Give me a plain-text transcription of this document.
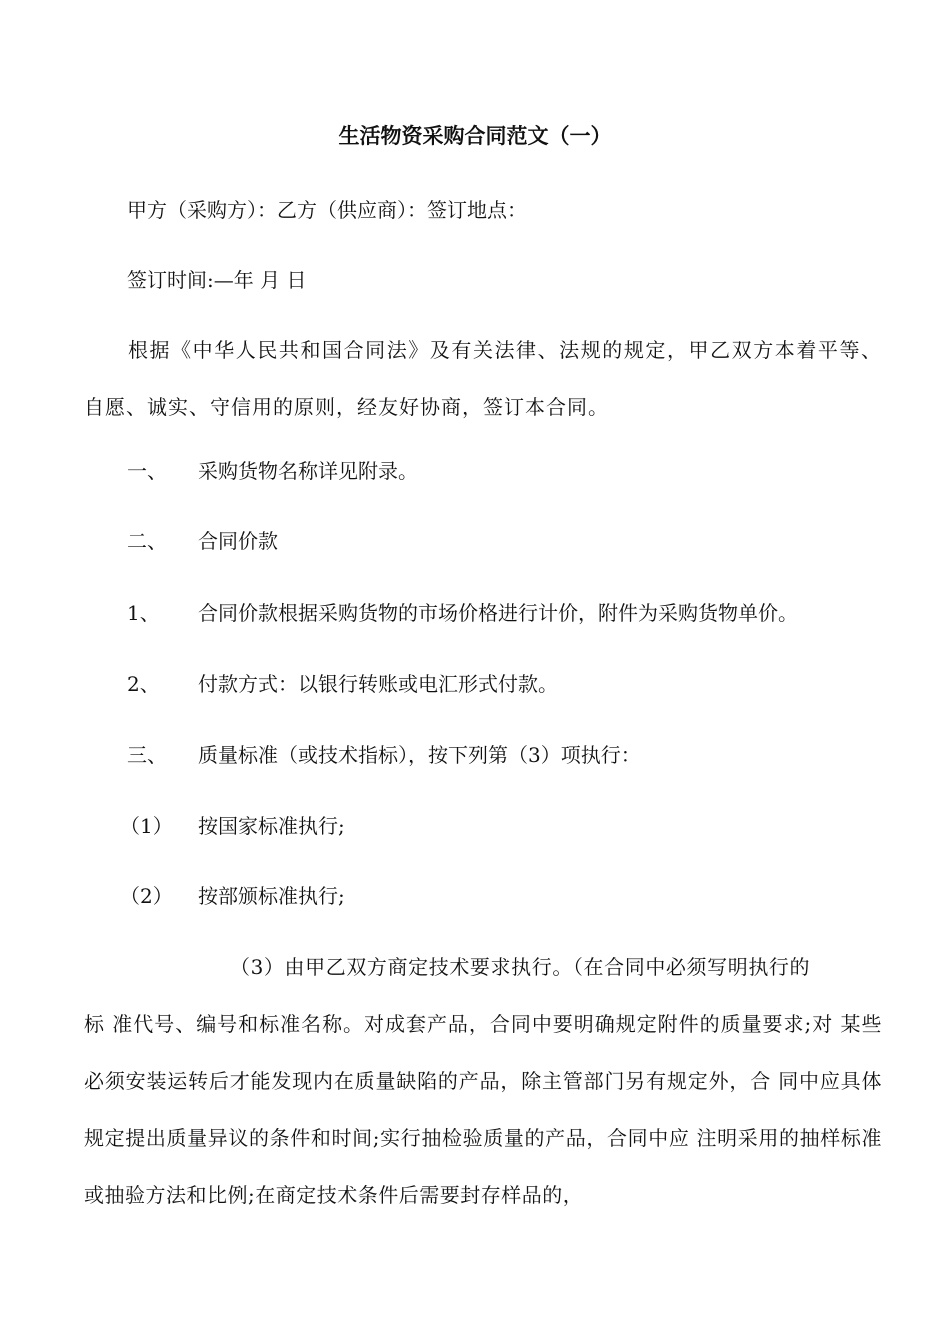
生活物资采购合同范文（一）
甲方（采购方）：乙方（供应商）：签订地点：
签订时间:—年 月 日
根据《中华人民共和国合同法》及有关法律、法规的规定，甲乙双方本着平等、自愿、诚实、守信用的原则，经友好协商，签订本合同。
一、 采购货物名称详见附录。
二、 合同价款
1、 合同价款根据采购货物的市场价格进行计价，附件为采购货物单价。
2、 付款方式：以银行转账或电汇形式付款。
三、 质量标准（或技术指标），按下列第（3）项执行：
（1） 按国家标准执行;
（2） 按部颁标准执行;
（3）由甲乙双方商定技术要求执行。（在合同中必须写明执行的
标 准代号、编号和标准名称。对成套产品，合同中要明确规定附件的质量要求;对 某些必须安装运转后才能发现内在质量缺陷的产品，除主管部门另有规定外，合 同中应具体规定提出质量异议的条件和时间;实行抽检验质量的产品，合同中应 注明采用的抽样标准或抽验方法和比例;在商定技术条件后需要封存样品的，
